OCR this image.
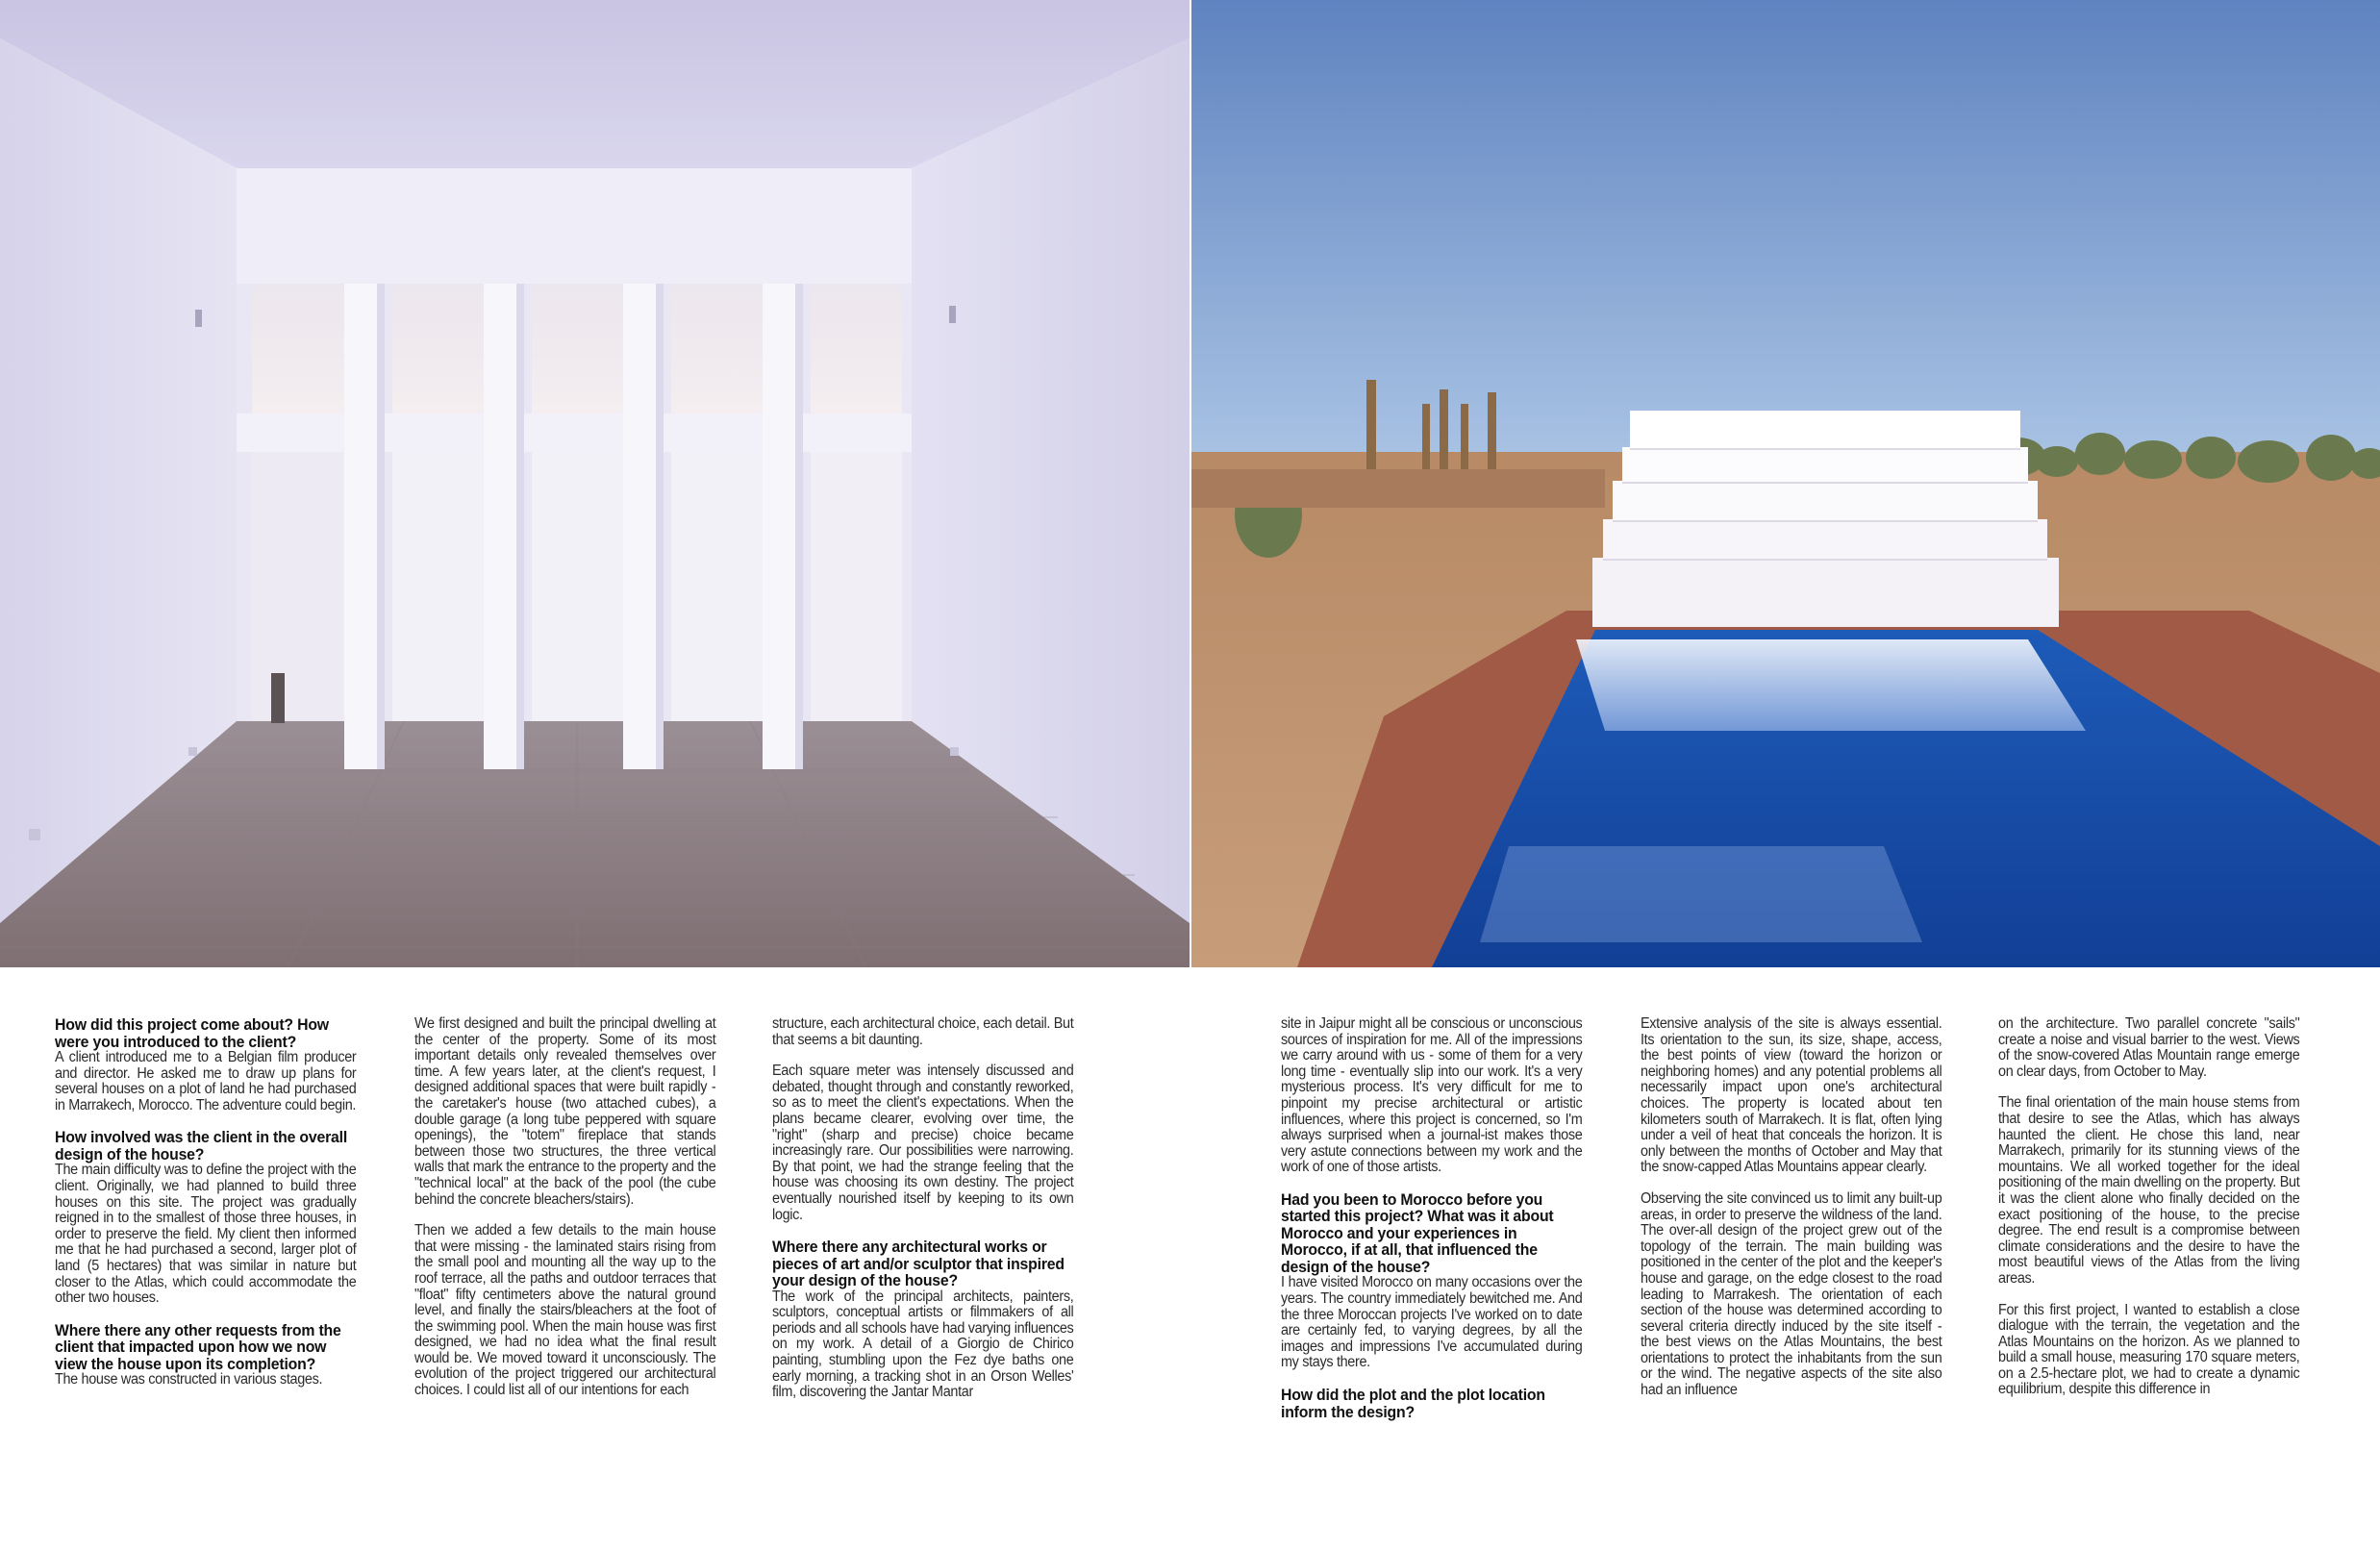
How did this project come about? How were you introduced to the client?

A client introduced me to a Belgian film producer and director. He asked me to draw up plans for several houses on a plot of land he had purchased in Marrakech, Morocco. The adventure could begin.

How involved was the client in the overall design of the house?

The main difficulty was to define the project with the client. Originally, we had planned to build three houses on this site. The project was gradually reigned in to the smallest of those three houses, in order to preserve the field. My client then informed me that he had purchased a second, larger plot of land (5 hectares) that was similar in nature but closer to the Atlas, which could accommodate the other two houses.

Where there any other requests from the client that impacted upon how we now view the house upon its completion?

The house was constructed in various stages.

We first designed and built the principal dwelling at the center of the property. Some of its most important details only revealed themselves over time. A few years later, at the client's request, I designed additional spaces that were built rapidly - the caretaker's house (two attached cubes), a double garage (a long tube peppered with square openings), the "totem" fireplace that stands between those two structures, the three vertical walls that mark the entrance to the property and the "technical local" at the back of the pool (the cube behind the concrete bleachers/stairs).

Then we added a few details to the main house that were missing - the laminated stairs rising from the small pool and mounting all the way up to the roof terrace, all the paths and outdoor terraces that "float" fifty centimeters above the natural ground level, and finally the stairs/bleachers at the foot of the swimming pool. When the main house was first designed, we had no idea what the final result would be. We moved toward it unconsciously. The evolution of the project triggered our architectural choices. I could list all of our intentions for each

structure, each architectural choice, each detail. But that seems a bit daunting.

Each square meter was intensely discussed and debated, thought through and constantly reworked, so as to meet the client's expectations. When the plans became clearer, evolving over time, the "right" (sharp and precise) choice became increasingly rare. Our possibilities were narrowing. By that point, we had the strange feeling that the house was choosing its own destiny. The project eventually nourished itself by keeping to its own logic.

Where there any architectural works or pieces of art and/or sculptor that inspired your design of the house?

The work of the principal architects, painters, sculptors, conceptual artists or filmmakers of all periods and all schools have had varying influences on my work. A detail of a Giorgio de Chirico painting, stumbling upon the Fez dye baths one early morning, a tracking shot in an Orson Welles' film, discovering the Jantar Mantar

site in Jaipur might all be conscious or unconscious sources of inspiration for me. All of the impressions we carry around with us - some of them for a very long time - eventually slip into our work. It's a very mysterious process. It's very difficult for me to pinpoint my precise architectural or artistic influences, where this project is concerned, so I'm always surprised when a journal-ist makes those very astute connections between my work and the work of one of those artists.

Had you been to Morocco before you started this project? What was it about Morocco and your experiences in Morocco, if at all, that influenced the design of the house?

I have visited Morocco on many occasions over the years. The country immediately bewitched me. And the three Moroccan projects I've worked on to date are certainly fed, to varying degrees, by all the images and impressions I've accumulated during my stays there.

How did the plot and the plot location inform the design?

Extensive analysis of the site is always essential. Its orientation to the sun, its size, shape, access, the best points of view (toward the horizon or neighboring homes) and any potential problems all necessarily impact upon one's architectural choices. The property is located about ten kilometers south of Marrakech. It is flat, often lying under a veil of heat that conceals the horizon. It is only between the months of October and May that the snow-capped Atlas Mountains appear clearly.

Observing the site convinced us to limit any built-up areas, in order to preserve the wildness of the land. The over-all design of the project grew out of the topology of the terrain. The main building was positioned in the center of the plot and the keeper's house and garage, on the edge closest to the road leading to Marrakesh. The orientation of each section of the house was determined according to several criteria directly induced by the site itself - the best views on the Atlas Mountains, the best orientations to protect the inhabitants from the sun or the wind. The negative aspects of the site also had an influence

on the architecture. Two parallel concrete "sails" create a noise and visual barrier to the west. Views of the snow-covered Atlas Mountain range emerge on clear days, from October to May.

The final orientation of the main house stems from that desire to see the Atlas, which has always haunted the client. He chose this land, near Marrakech, primarily for its stunning views of the mountains. We all worked together for the ideal positioning of the main dwelling on the property. But it was the client alone who finally decided on the exact positioning of the house, to the precise degree. The end result is a compromise between climate considerations and the desire to have the most beautiful views of the Atlas from the living areas.

For this first project, I wanted to establish a close dialogue with the terrain, the vegetation and the Atlas Mountains on the horizon. As we planned to build a small house, measuring 170 square meters, on a 2.5-hectare plot, we had to create a dynamic equilibrium, despite this difference in
